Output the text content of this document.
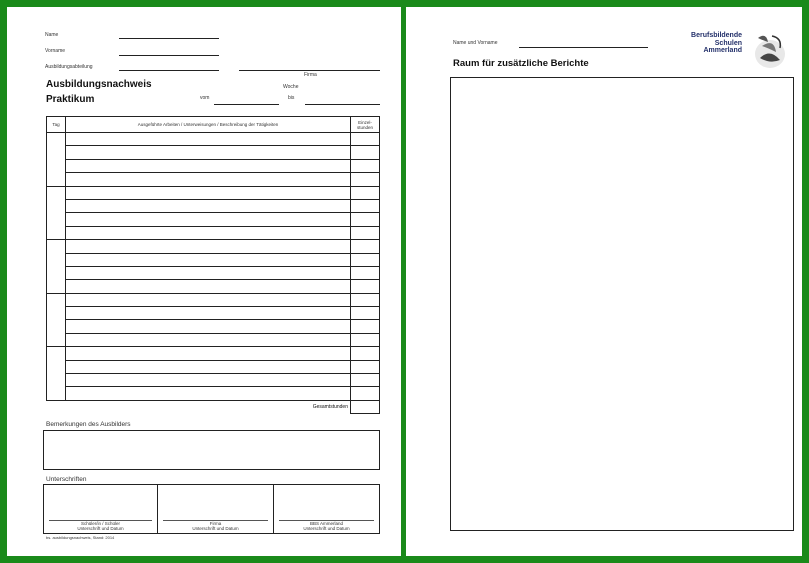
Name
Vorname
Ausbildungsabteilung
Firma
Ausbildungsnachweis
Praktikum
Woche
vom	bis
Tag	Ausgeführte Arbeiten / Unterweisungen / Beschreibung der Tätigkeiten	Einzel-stunden

Gesamtstunden		
Bemerkungen des Ausbilders
Unterschriften
Schüler/in / Schüler
Unterschrift und Datum
Firma
Unterschrift und Datum
BBS Ammerland
Unterschrift und Datum
bs. ausbildungsnachweis, Stand: 2014
Name und Vorname
Raum für zusätzliche Berichte
Berufsbildende
Schulen
Ammerland
